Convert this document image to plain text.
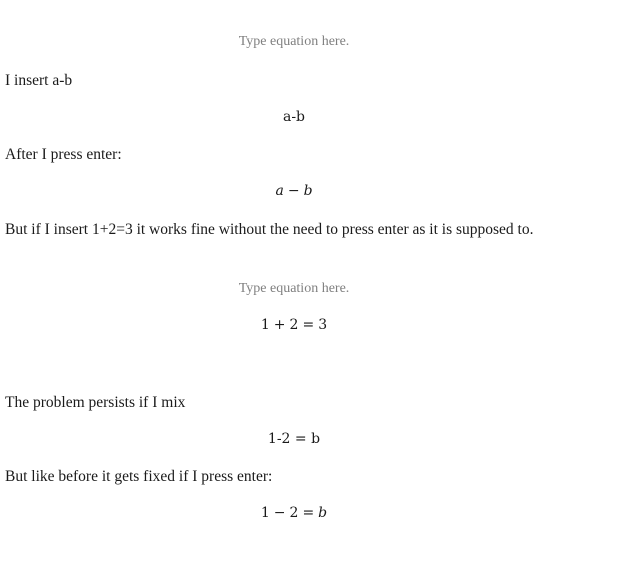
Type equation here.
I insert a-b
a-b
After I press enter:
a − b
But if I insert 1+2=3 it works fine without the need to press enter as it is supposed to.
Type equation here.
1 + 2 = 3
The problem persists if I mix
1-2 = b
But like before it gets fixed if I press enter:
1 − 2 = b
